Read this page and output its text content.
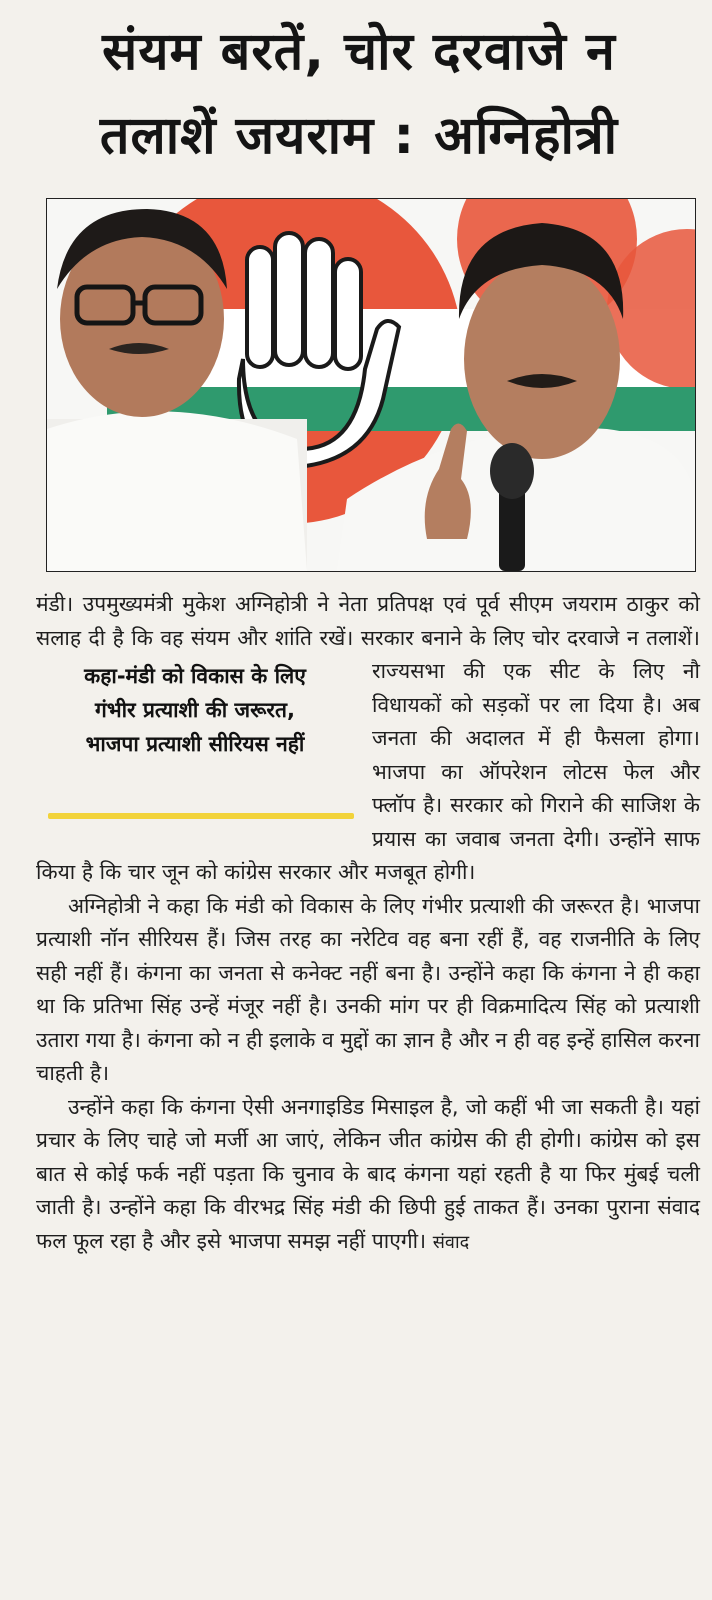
संयम बरतें, चोर दरवाजे न
तलाशें जयराम : अग्निहोत्री

मंडी। उपमुख्यमंत्री मुकेश अग्निहोत्री ने नेता प्रतिपक्ष एवं पूर्व सीएम जयराम ठाकुर को सलाह दी है कि वह संयम और शांति रखें। सरकार बनाने के लिए चोर दरवाजे न तलाशें। राज्यसभा
कहा-मंडी को विकास के लिए
गंभीर प्रत्याशी की जरूरत,
भाजपा प्रत्याशी सीरियस नहीं
की एक सीट के लिए नौ विधायकों को सड़कों पर ला दिया है। अब जनता की अदालत में ही फैसला होगा। भाजपा का ऑपरेशन लोटस फेल और फ्लॉप है। सरकार को गिराने की साजिश के प्रयास का जवाब जनता देगी। उन्होंने साफ किया है कि चार जून को कांग्रेस सरकार और मजबूत होगी।

अग्निहोत्री ने कहा कि मंडी को विकास के लिए गंभीर प्रत्याशी की जरूरत है। भाजपा प्रत्याशी नॉन सीरियस हैं। जिस तरह का नरेटिव वह बना रहीं हैं, वह राजनीति के लिए सही नहीं हैं। कंगना का जनता से कनेक्ट नहीं बना है। उन्होंने कहा कि कंगना ने ही कहा था कि प्रतिभा सिंह उन्हें मंजूर नहीं है। उनकी मांग पर ही विक्रमादित्य सिंह को प्रत्याशी उतारा गया है। कंगना को न ही इलाके व मुद्दों का ज्ञान है और न ही वह इन्हें हासिल करना चाहती है।

उन्होंने कहा कि कंगना ऐसी अनगाइडिड मिसाइल है, जो कहीं भी जा सकती है। यहां प्रचार के लिए चाहे जो मर्जी आ जाएं, लेकिन जीत कांग्रेस की ही होगी। कांग्रेस को इस बात से कोई फर्क नहीं पड़ता कि चुनाव के बाद कंगना यहां रहती है या फिर मुंबई चली जाती है। उन्होंने कहा कि वीरभद्र सिंह मंडी की छिपी हुई ताकत हैं। उनका पुराना संवाद फल फूल रहा है और इसे भाजपा समझ नहीं पाएगी। संवाद
